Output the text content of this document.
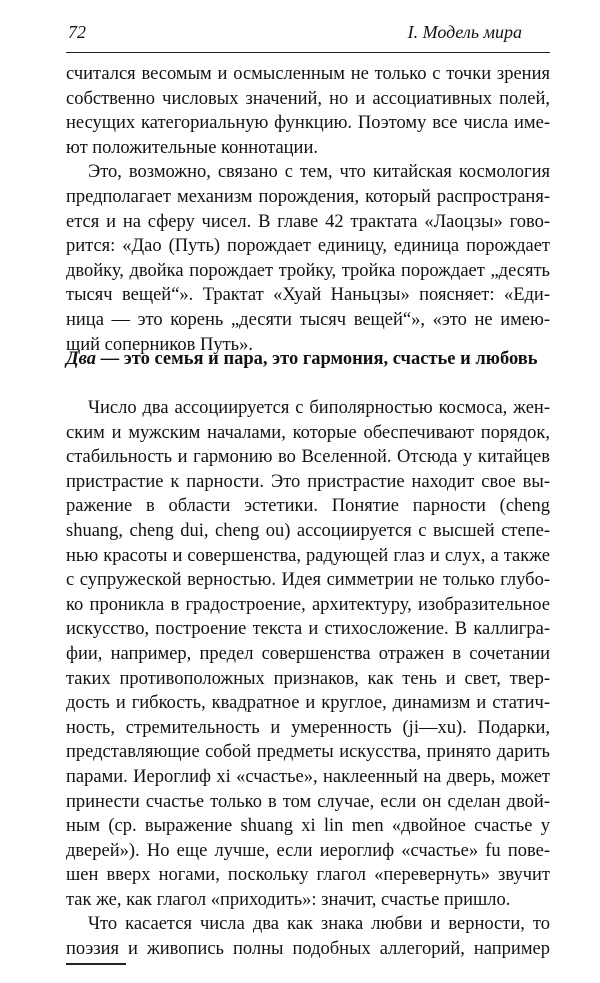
72	I. Модель мира
считался весомым и осмысленным не только с точки зрения
собственно числовых значений, но и ассоциативных полей,
несущих категориальную функцию. Поэтому все числа име-
ют положительные коннотации.
Это, возможно, связано с тем, что китайская космология
предполагает механизм порождения, который распространя-
ется и на сферу чисел. В главе 42 трактата «Лаоцзы» гово-
рится: «Дао (Путь) порождает единицу, единица порождает
двойку, двойка порождает тройку, тройка порождает „десять
тысяч вещей“». Трактат «Хуай Наньцзы» поясняет: «Еди-
ница — это корень „десяти тысяч вещей“», «это не имею-
щий соперников Путь».
Два — это семья и пара, это гармония, счастье и любовь
Число два ассоциируется с биполярностью космоса, жен-
ским и мужским началами, которые обеспечивают порядок,
стабильность и гармонию во Вселенной. Отсюда у китайцев
пристрастие к парности. Это пристрастие находит свое вы-
ражение в области эстетики. Понятие парности (cheng
shuang, cheng dui, cheng ou) ассоциируется с высшей степе-
нью красоты и совершенства, радующей глаз и слух, а также
с супружеской верностью. Идея симметрии не только глубо-
ко проникла в градостроение, архитектуру, изобразительное
искусство, построение текста и стихосложение. В каллигра-
фии, например, предел совершенства отражен в сочетании
таких противоположных признаков, как тень и свет, твер-
дость и гибкость, квадратное и круглое, динамизм и статич-
ность, стремительность и умеренность (ji—xu). Подарки,
представляющие собой предметы искусства, принято дарить
парами. Иероглиф xi «счастье», наклеенный на дверь, может
принести счастье только в том случае, если он сделан двой-
ным (ср. выражение shuang xi lin men «двойное счастье у
дверей»). Но еще лучше, если иероглиф «счастье» fu пове-
шен вверх ногами, поскольку глагол «перевернуть» звучит
так же, как глагол «приходить»: значит, счастье пришло.
Что касается числа два как знака любви и верности, то
поэзия и живопись полны подобных аллегорий, например
